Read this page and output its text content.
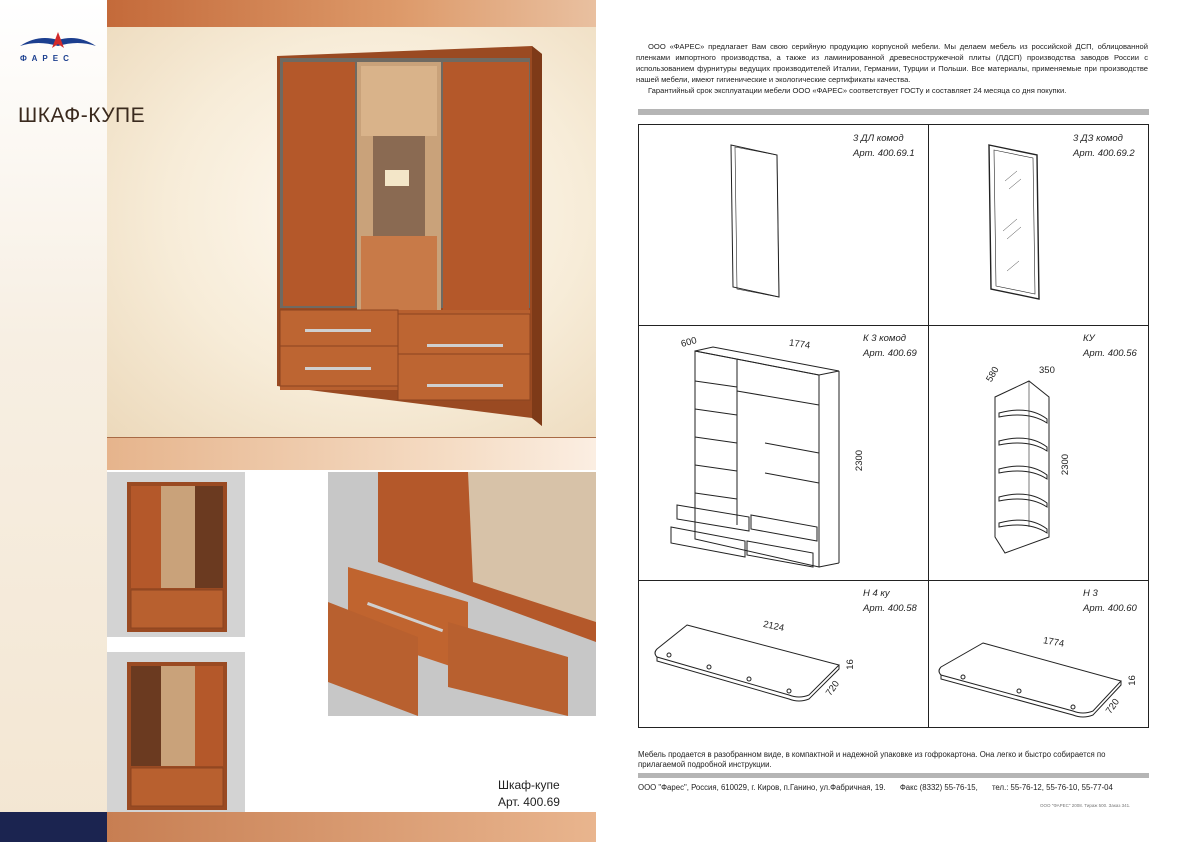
ФАРЕС
ШКАФ-КУПЕ
Шкаф-купе
Арт. 400.69

ООО «ФАРЕС» предлагает Вам свою серийную продукцию корпусной мебели. Мы делаем мебель из российской ДСП, облицованной пленками импортного производства, а также из ламинированной древесностружечной плиты (ЛДСП) производства заводов России с использованием фурнитуры ведущих производителей Италии, Германии, Турции и Польши. Все материалы, применяемые при производстве нашей мебели, имеют гигиенические и экологические сертификаты качества.

Гарантийный срок эксплуатации мебели ООО «ФАРЕС» соответствует ГОСТу и составляет 24 месяца со дня покупки.

3 ДЛ комод
Арт. 400.69.1
3 ДЗ комод
Арт. 400.69.2
К 3 комод
Арт. 400.69
600	1774
2300
КУ
Арт. 400.56
580	350
2300
Н 4 ку
Арт. 400.58
2124
720
16
Н 3
Арт. 400.60
1774
720
16
Мебель продается в разобранном виде, в компактной и надежной упаковке из гофрокартона. Она легко и быстро собирается по прилагаемой подробной инструкции.
ООО "Фарес", Россия, 610029, г. Киров, п.Ганино, ул.Фабричная, 19. Факс (8332) 55-76-15, тел.: 55-76-12, 55-76-10, 55-77-04
ООО "ФАРЕС" 2008. Тираж 500. Заказ 341.
